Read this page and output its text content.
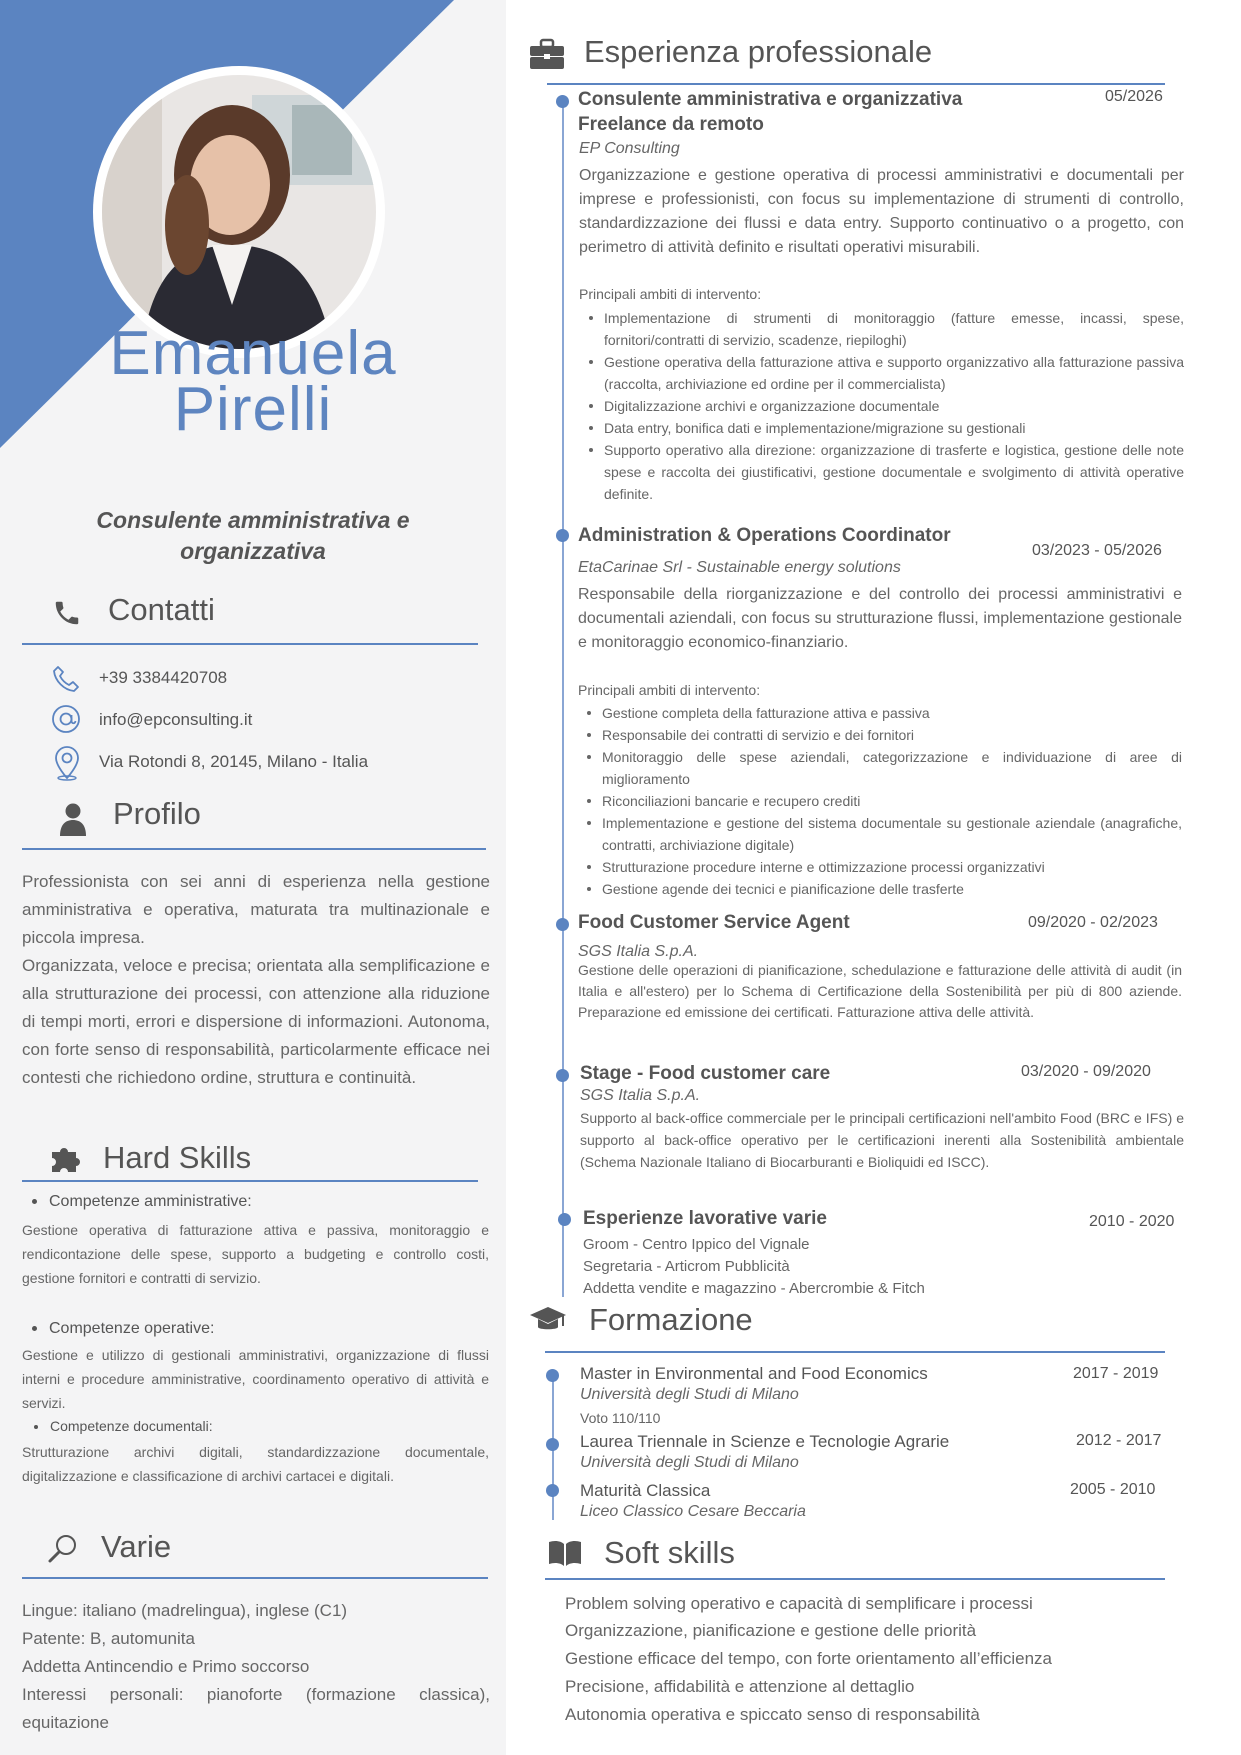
Emanuela
Pirelli
Consulente amministrativa e organizzativa
Contatti
+39 3384420708
info@epconsulting.it
Via Rotondi 8, 20145, Milano - Italia
Profilo

Professionista con sei anni di esperienza nella gestione amministrativa e operativa, maturata tra multinazionale e piccola impresa.

Organizzata, veloce e precisa; orientata alla semplificazione e alla strutturazione dei processi, con attenzione alla riduzione di tempi morti, errori e dispersione di informazioni. Autonoma, con forte senso di responsabilità, particolarmente efficace nei contesti che richiedono ordine, struttura e continuità.

Hard Skills
Competenze amministrative:
Gestione operativa di fatturazione attiva e passiva, monitoraggio e rendicontazione delle spese, supporto a budgeting e controllo costi, gestione fornitori e contratti di servizio.
Competenze operative:
Gestione e utilizzo di gestionali amministrativi, organizzazione di flussi interni e procedure amministrative, coordinamento operativo di attività e servizi.
Competenze documentali:
Strutturazione archivi digitali, standardizzazione documentale, digitalizzazione e classificazione di archivi cartacei e digitali.
Varie
Lingue: italiano (madrelingua), inglese (C1)
Patente: B, automunita
Addetta Antincendio e Primo soccorso
Interessi personali: pianoforte (formazione classica), equitazione
Esperienza professionale
Consulente amministrativa e organizzativa
Freelance da remoto
05/2026
EP Consulting
Organizzazione e gestione operativa di processi amministrativi e documentali per imprese e professionisti, con focus su implementazione di strumenti di controllo, standardizzazione dei flussi e data entry. Supporto continuativo o a progetto, con perimetro di attività definito e risultati operativi misurabili.
Principali ambiti di intervento:
Implementazione di strumenti di monitoraggio (fatture emesse, incassi, spese, fornitori/contratti di servizio, scadenze, riepiloghi)
Gestione operativa della fatturazione attiva e supporto organizzativo alla fatturazione passiva (raccolta, archiviazione ed ordine per il commercialista)
Digitalizzazione archivi e organizzazione documentale
Data entry, bonifica dati e implementazione/migrazione su gestionali
Supporto operativo alla direzione: organizzazione di trasferte e logistica, gestione delle note spese e raccolta dei giustificativi, gestione documentale e svolgimento di attività operative definite.
Administration & Operations Coordinator
03/2023 - 05/2026
EtaCarinae Srl - Sustainable energy solutions
Responsabile della riorganizzazione e del controllo dei processi amministrativi e documentali aziendali, con focus su strutturazione flussi, implementazione gestionale e monitoraggio economico-finanziario.
Principali ambiti di intervento:
Gestione completa della fatturazione attiva e passiva
Responsabile dei contratti di servizio e dei fornitori
Monitoraggio delle spese aziendali, categorizzazione e individuazione di aree di miglioramento
Riconciliazioni bancarie e recupero crediti
Implementazione e gestione del sistema documentale su gestionale aziendale (anagrafiche, contratti, archiviazione digitale)
Strutturazione procedure interne e ottimizzazione processi organizzativi
Gestione agende dei tecnici e pianificazione delle trasferte
Food Customer Service Agent	09/2020 - 02/2023
SGS Italia S.p.A.
Gestione delle operazioni di pianificazione, schedulazione e fatturazione delle attività di audit (in Italia e all'estero) per lo Schema di Certificazione della Sostenibilità per più di 800 aziende. Preparazione ed emissione dei certificati. Fatturazione attiva delle attività.
Stage - Food customer care	03/2020 - 09/2020
SGS Italia S.p.A.
Supporto al back-office commerciale per le principali certificazioni nell'ambito Food (BRC e IFS) e supporto al back-office operativo per le certificazioni inerenti alla Sostenibilità ambientale (Schema Nazionale Italiano di Biocarburanti e Bioliquidi ed ISCC).
Esperienze lavorative varie	2010 - 2020
Groom - Centro Ippico del Vignale
Segretaria - Articrom Pubblicità
Addetta vendite e magazzino - Abercrombie & Fitch
Formazione
Master in Environmental and Food Economics	2017 - 2019
Università degli Studi di Milano
Voto 110/110
Laurea Triennale in Scienze e Tecnologie Agrarie	2012 - 2017
Università degli Studi di Milano
Maturità Classica	2005 - 2010
Liceo Classico Cesare Beccaria
Soft skills
Problem solving operativo e capacità di semplificare i processi
Organizzazione, pianificazione e gestione delle priorità
Gestione efficace del tempo, con forte orientamento all’efficienza
Precisione, affidabilità e attenzione al dettaglio
Autonomia operativa e spiccato senso di responsabilità
